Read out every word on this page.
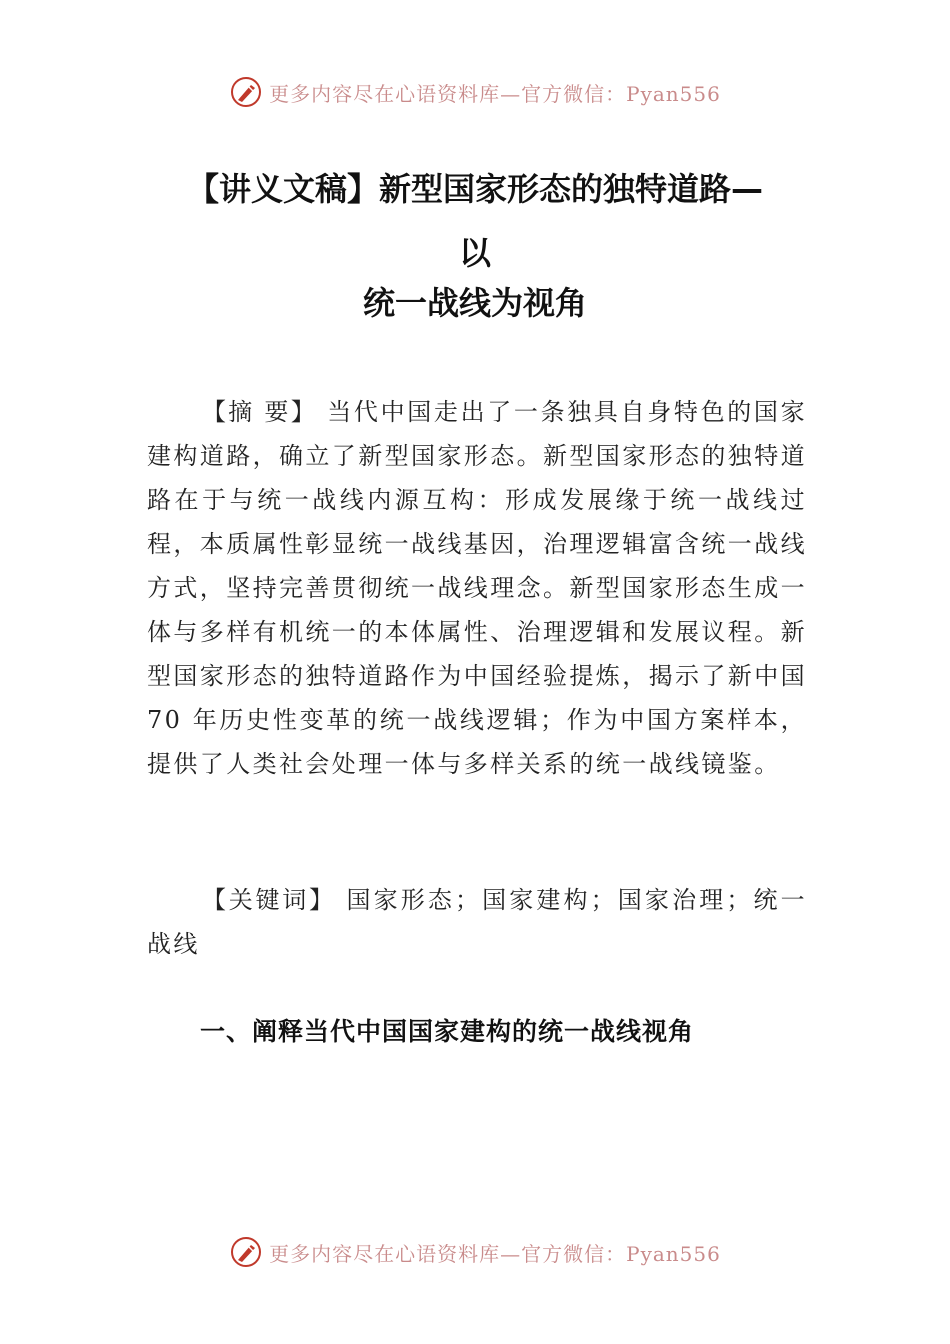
更多内容尽在心语资料库—官方微信：Pyan556
【讲义文稿】新型国家形态的独特道路—
以
统一战线为视角
【摘 要】 当代中国走出了一条独具自身特色的国家建构道路，确立了新型国家形态。新型国家形态的独特道路在于与统一战线内源互构：形成发展缘于统一战线过程，本质属性彰显统一战线基因，治理逻辑富含统一战线方式，坚持完善贯彻统一战线理念。新型国家形态生成一体与多样有机统一的本体属性、治理逻辑和发展议程。新型国家形态的独特道路作为中国经验提炼，揭示了新中国 70 年历史性变革的统一战线逻辑；作为中国方案样本，提供了人类社会处理一体与多样关系的统一战线镜鉴。
【关键词】 国家形态；国家建构；国家治理；统一战线
一、阐释当代中国国家建构的统一战线视角
更多内容尽在心语资料库—官方微信：Pyan556
